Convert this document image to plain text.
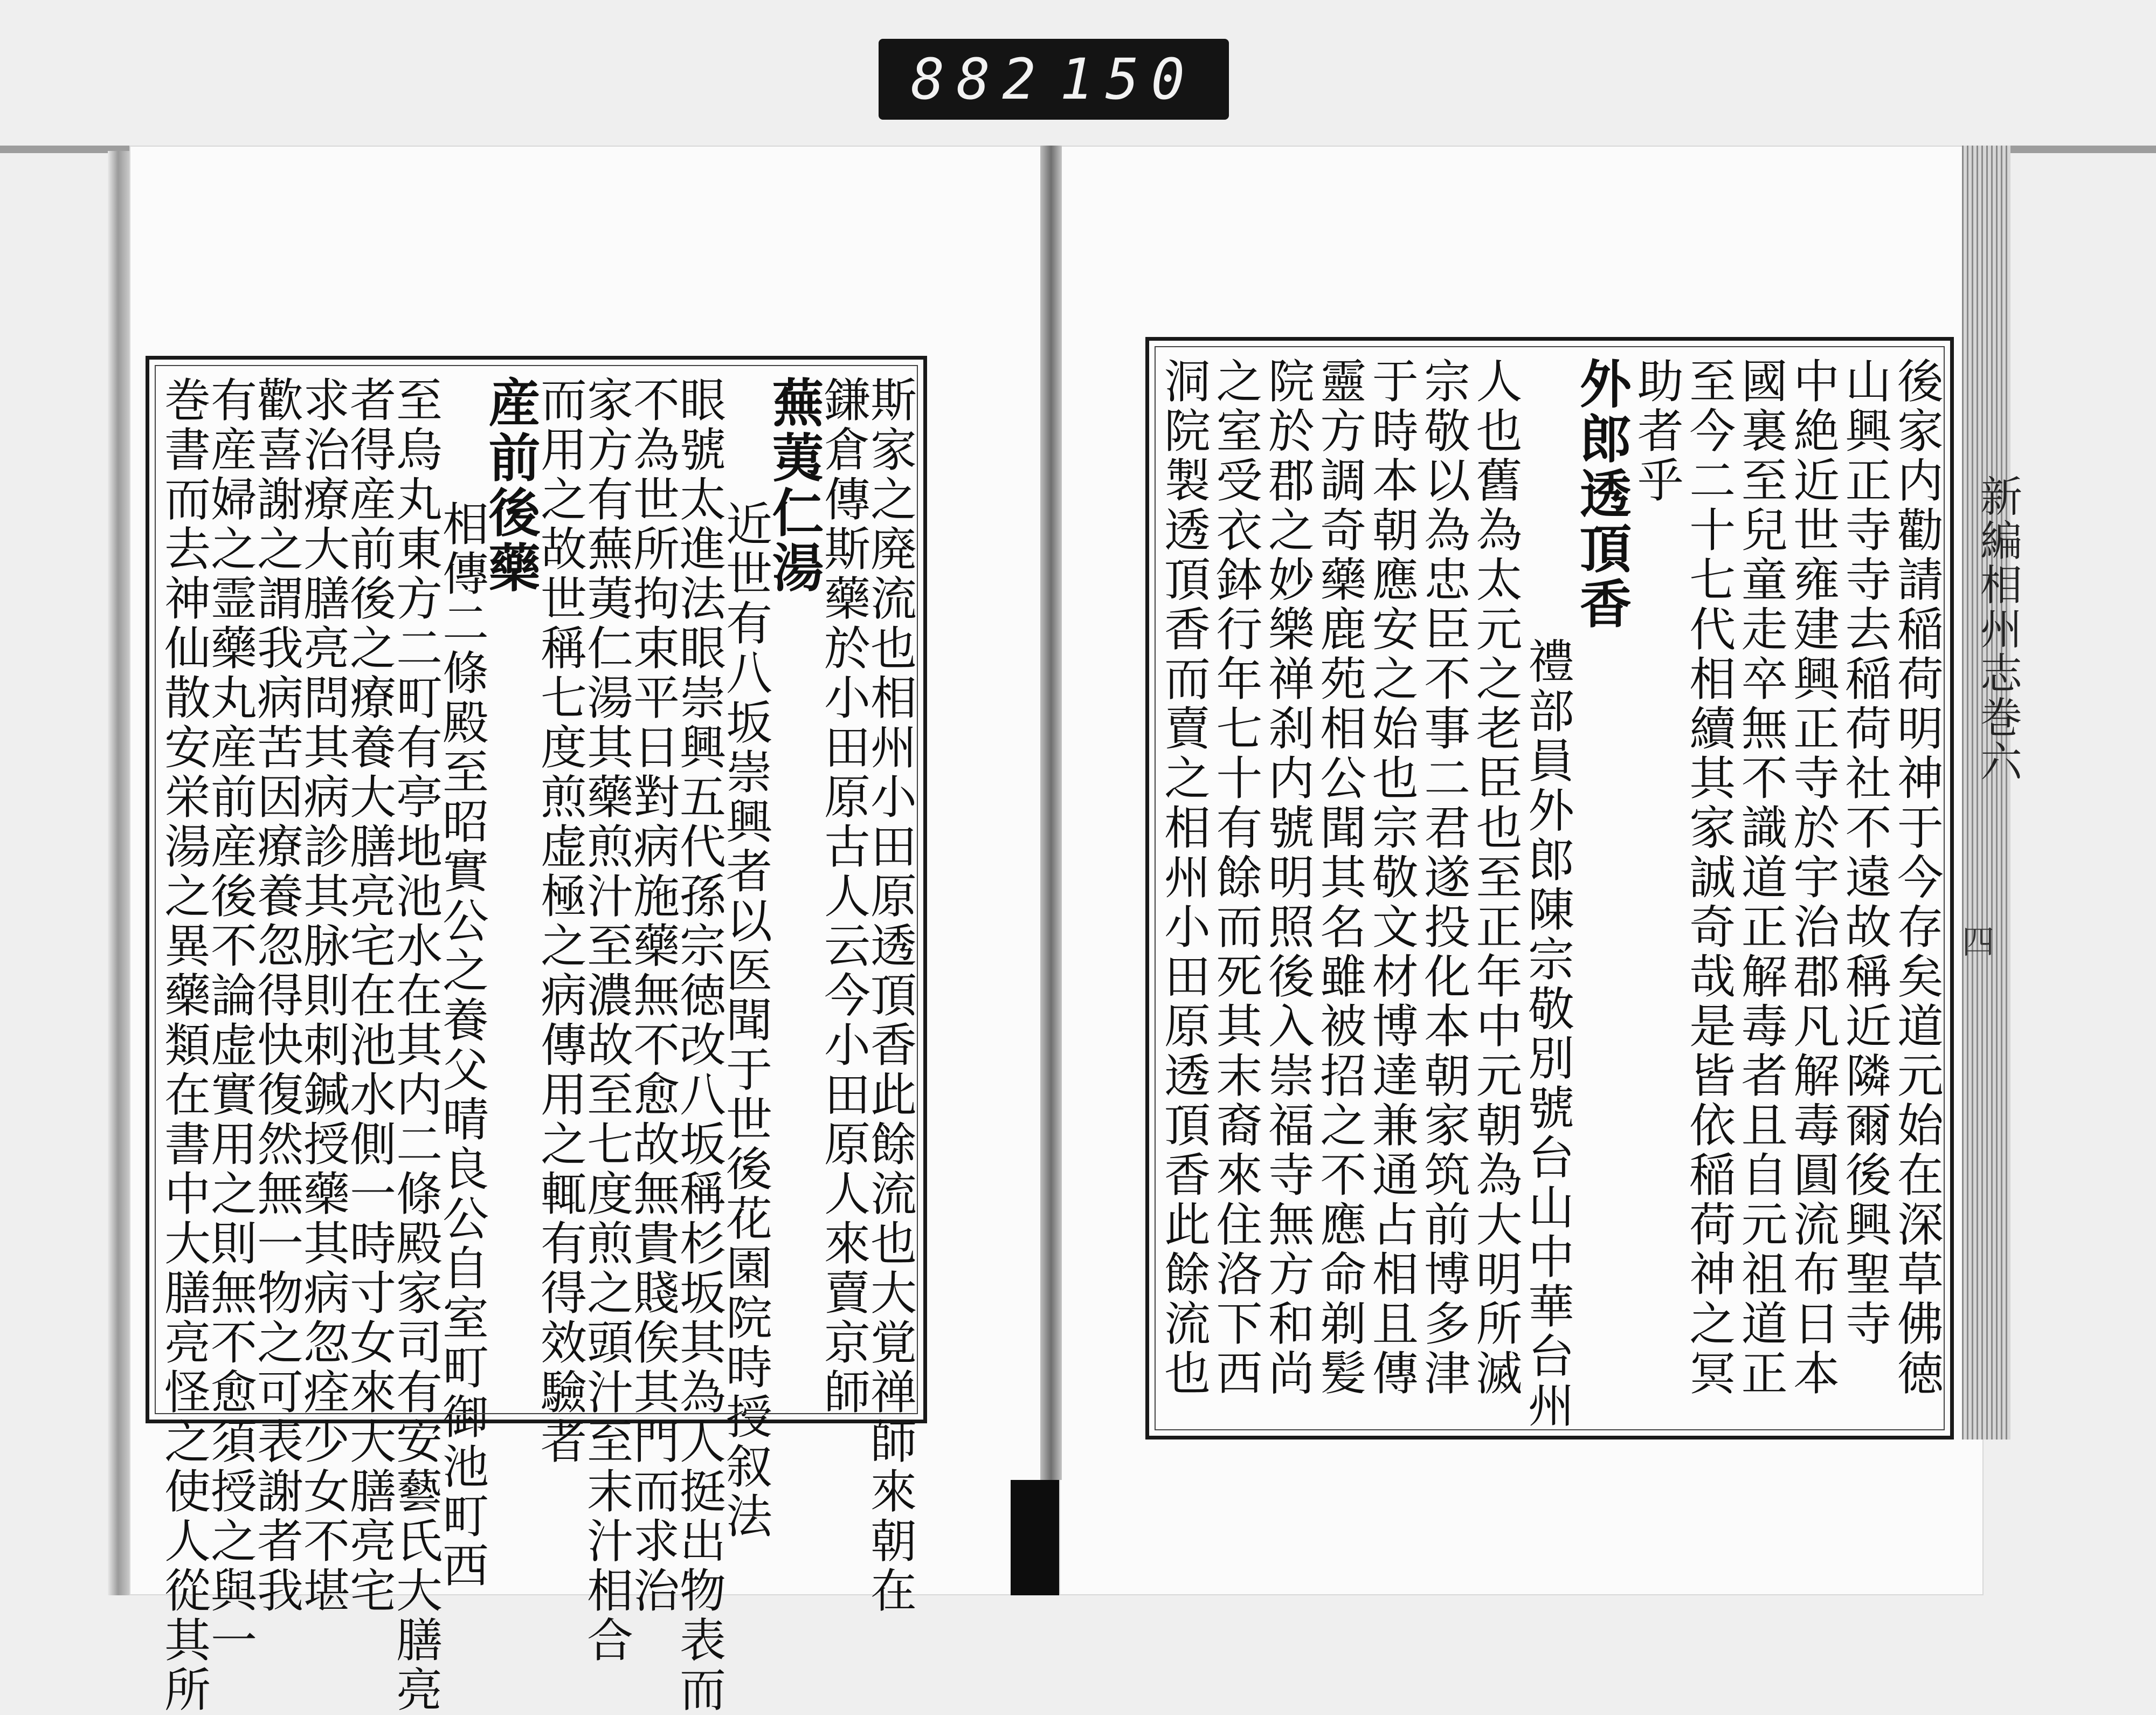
882 150
斯家之廃流也相州小田原透頂香此餘流也大覚禅師來朝在
鎌倉傳斯藥於小田原古人云今小田原人來賣京師
蕪荑仁湯
近世有八坂崇興者以医聞于世後花園院時授叙法
眼號太進法眼崇興五代孫宗徳改八坂稱杉坂其為人挺出物表而
不為世所拘束平日對病施藥無不愈故無貴賤俟其門而求治
家方有蕪荑仁湯其藥煎汁至濃故至七度煎之頭汁至末汁相合
而用之故世稱七度煎虚極之病傳用之輒有得效驗者
産前後藥
相傳二條殿至昭實公之養父晴良公自室町御池町西
至烏丸東方二町有亭地池水在其内二條殿家司有安藝氏大膳亮
者得産前後之療養大膳亮宅在池水側一時寸女來大膳亮宅
求治療大膳亮問其病診其脉則刺鍼授藥其病忽痊少女不堪
歡喜謝之謂我病苦因療養忽得快復然無一物之可表謝者我
有産婦之霊藥丸産前産後不論虚實用之則無不愈須授之與一
巻書而去神仙散安栄湯之異藥類在書中大膳亮怪之使人從其所	後家内勸請稲荷明神于今存矣道元始在深草佛徳
山興正寺寺去稲荷社不遠故稱近隣爾後興聖寺
中絶近世雍建興正寺於宇治郡凡解毒圓流布日本
國裏至兒童走卒無不識道正解毒者且自元祖道正
至今二十七代相續其家誠奇哉是皆依稲荷神之冥
助者乎
外郎透頂香
禮部員外郎陳宗敬別號台山中華台州
人也舊為太元之老臣也至正年中元朝為大明所滅
宗敬以為忠臣不事二君遂投化本朝家筑前博多津
于時本朝應安之始也宗敬文材博達兼通占相且傳
靈方調奇藥鹿苑相公聞其名雖被招之不應命剃髪
院於郡之妙樂禅刹内號明照後入崇福寺無方和尚
之室受衣鉢行年七十有餘而死其末裔來住洛下西
洞院製透頂香而賣之相州小田原透頂香此餘流也	新編相州志巻六
四
